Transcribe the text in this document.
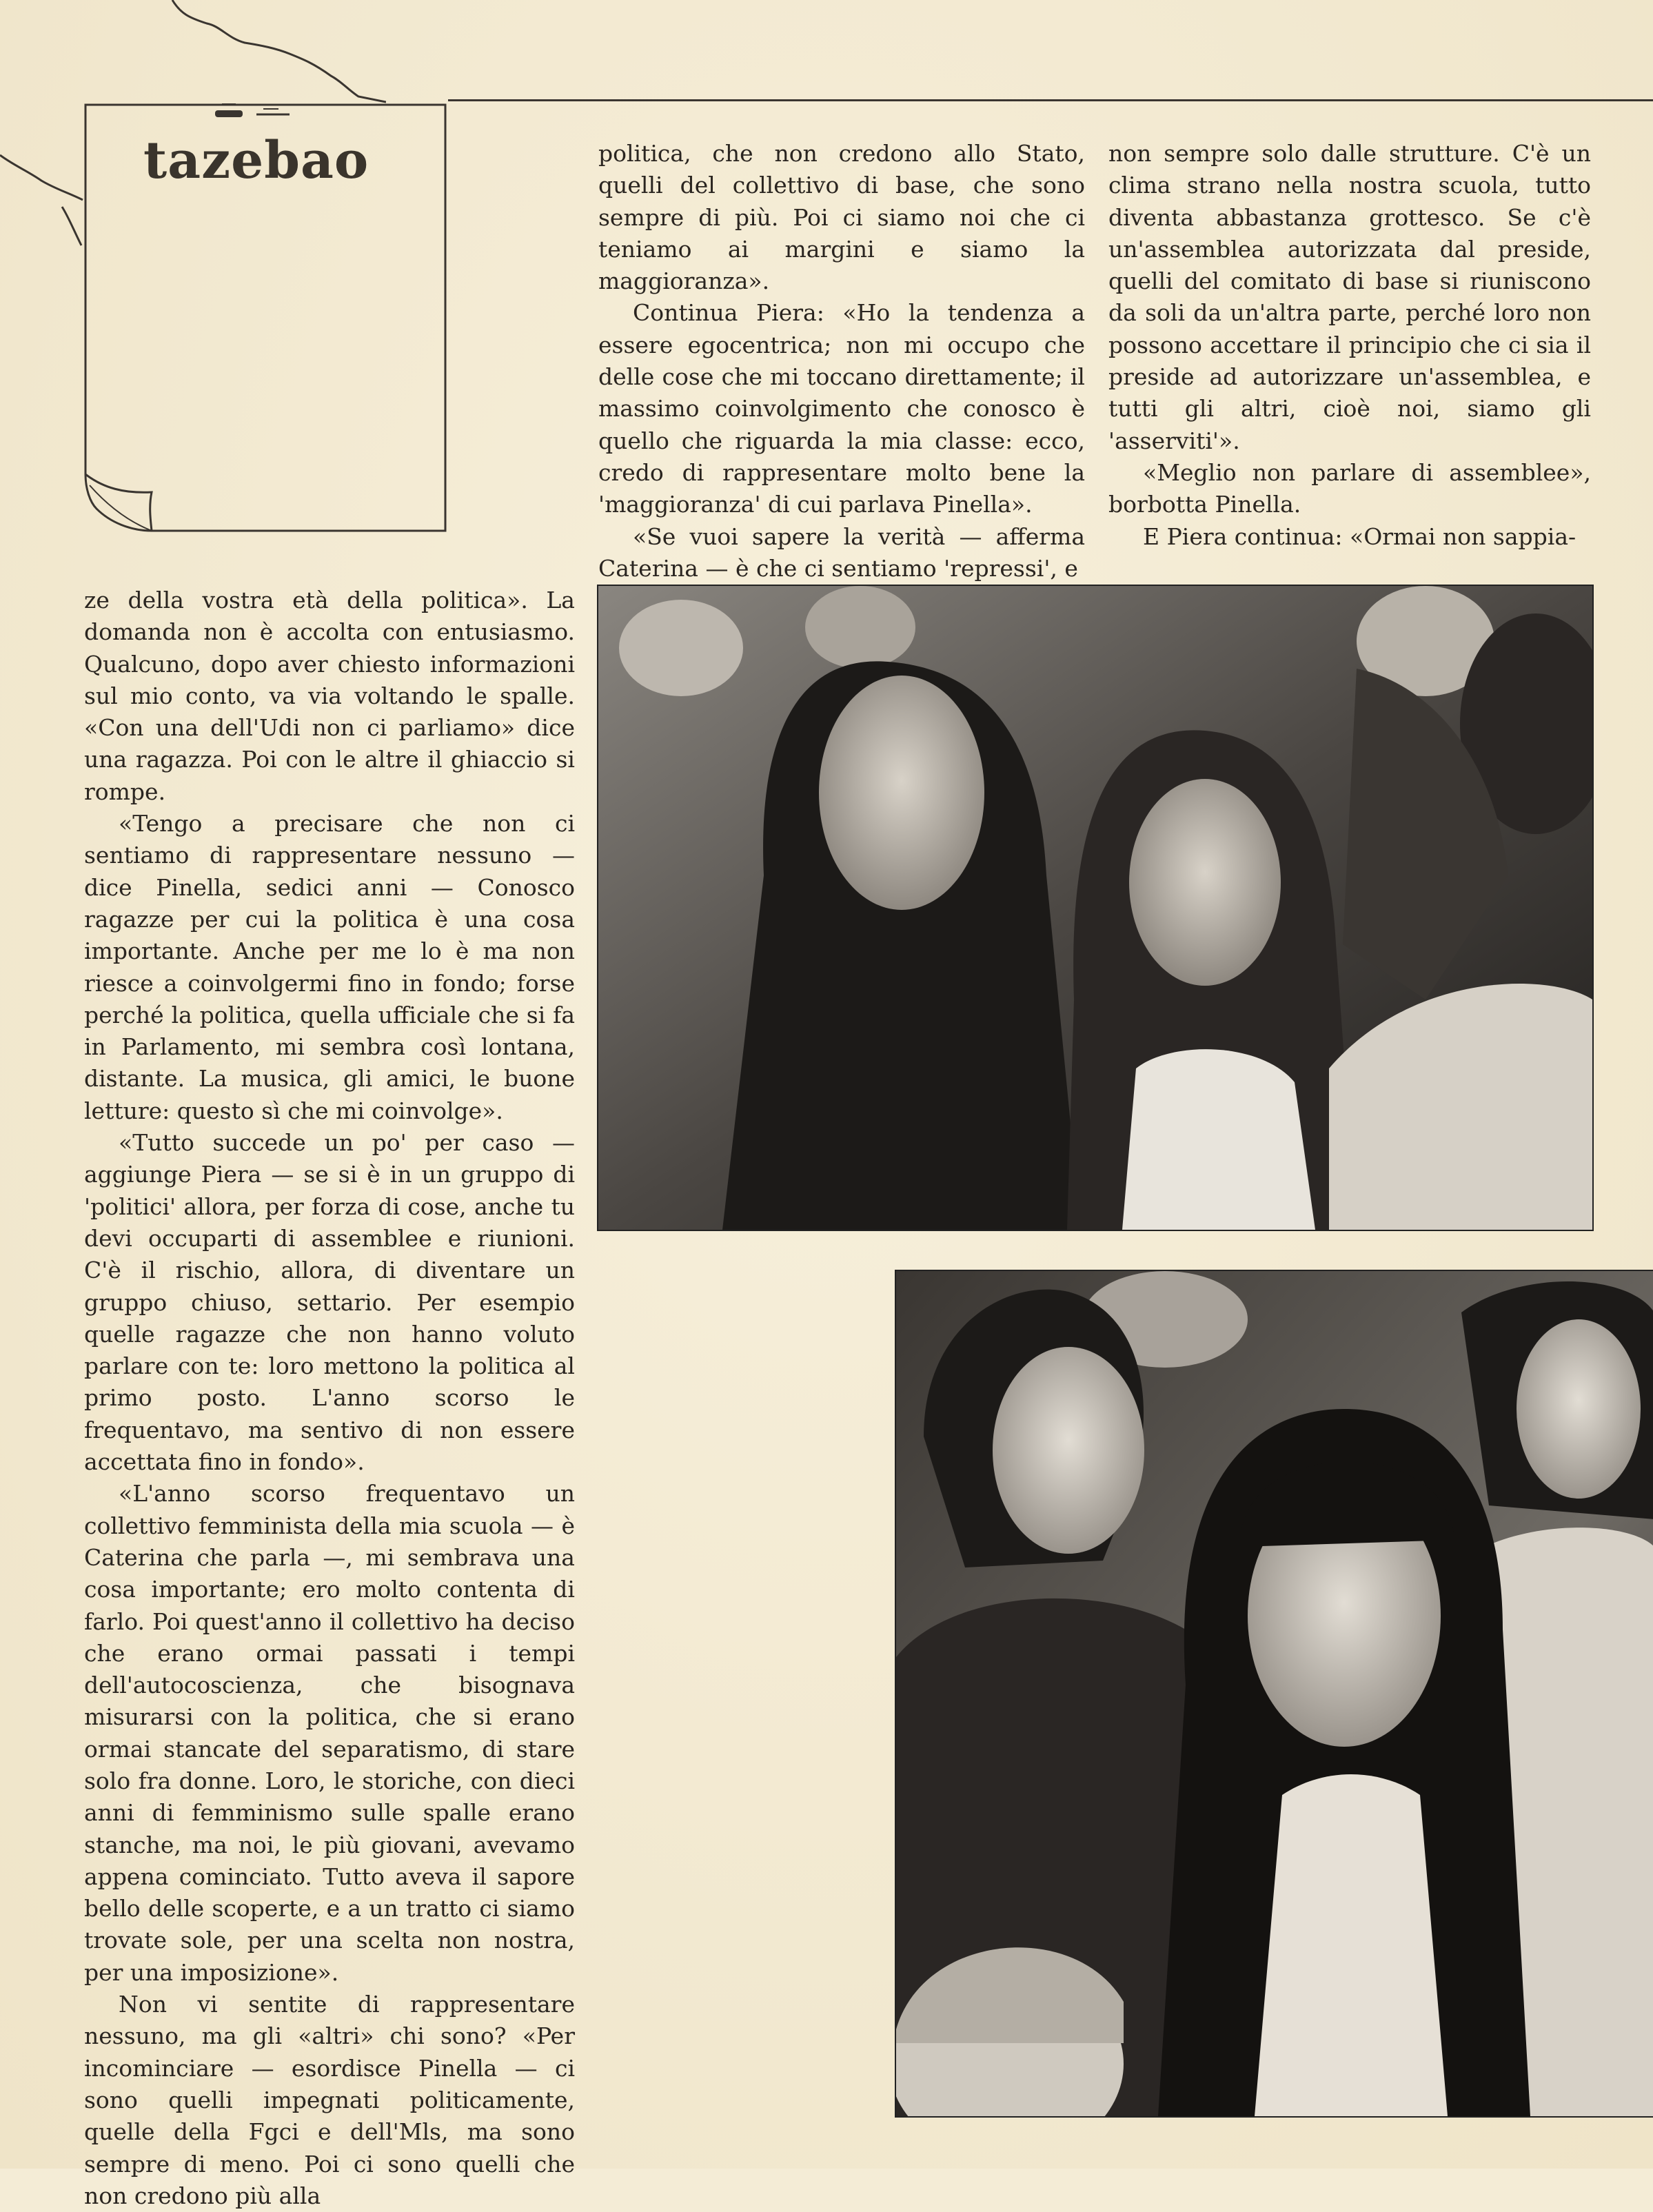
tazebao	politica, che non credono allo Stato, quelli del collettivo di base, che sono sempre di più. Poi ci siamo noi che ci teniamo ai margini e siamo la maggioranza».

Continua Piera: «Ho la tendenza a essere egocentrica; non mi occupo che delle cose che mi toccano direttamente; il massimo coinvolgimento che conosco è quello che riguarda la mia classe: ecco, credo di rappresentare molto bene la 'maggioranza' di cui parlava Pinella».

«Se vuoi sapere la verità — afferma Caterina — è che ci sentiamo 'repressi', e

non sempre solo dalle strutture. C'è un clima strano nella nostra scuola, tutto diventa abbastanza grottesco. Se c'è un'assemblea autorizzata dal preside, quelli del comitato di base si riuniscono da soli da un'altra parte, perché loro non possono accettare il principio che ci sia il preside ad autorizzare un'assemblea, e tutti gli altri, cioè noi, siamo gli 'asserviti'».

«Meglio non parlare di assemblee», borbotta Pinella.

E Piera continua: «Ormai non sappia-

ze della vostra età della politica». La domanda non è accolta con entusiasmo. Qualcuno, dopo aver chiesto informazioni sul mio conto, va via voltando le spalle. «Con una dell'Udi non ci parliamo» dice una ragazza. Poi con le altre il ghiaccio si rompe.

«Tengo a precisare che non ci sentiamo di rappresentare nessuno — dice Pinella, sedici anni — Conosco ragazze per cui la politica è una cosa importante. Anche per me lo è ma non riesce a coinvolgermi fino in fondo; forse perché la politica, quella ufficiale che si fa in Parlamento, mi sembra così lontana, distante. La musica, gli amici, le buone letture: questo sì che mi coinvolge».

«Tutto succede un po' per caso — aggiunge Piera — se si è in un gruppo di 'politici' allora, per forza di cose, anche tu devi occuparti di assemblee e riunioni. C'è il rischio, allora, di diventare un gruppo chiuso, settario. Per esempio quelle ragazze che non hanno voluto parlare con te: loro mettono la politica al primo posto. L'anno scorso le frequentavo, ma sentivo di non essere accettata fino in fondo».

«L'anno scorso frequentavo un collettivo femminista della mia scuola — è Caterina che parla —, mi sembrava una cosa importante; ero molto contenta di farlo. Poi quest'anno il collettivo ha deciso che erano ormai passati i tempi dell'autocoscienza, che bisognava misurarsi con la politica, che si erano ormai stancate del separatismo, di stare solo fra donne. Loro, le storiche, con dieci anni di femminismo sulle spalle erano stanche, ma noi, le più giovani, avevamo appena cominciato. Tutto aveva il sapore bello delle scoperte, e a un tratto ci siamo trovate sole, per una scelta non nostra, per una imposizione».

Non vi sentite di rappresentare nessuno, ma gli «altri» chi sono? «Per incominciare — esordisce Pinella — ci sono quelli impegnati politicamente, quelle della Fgci e dell'Mls, ma sono sempre di meno. Poi ci sono quelli che non credono più alla
